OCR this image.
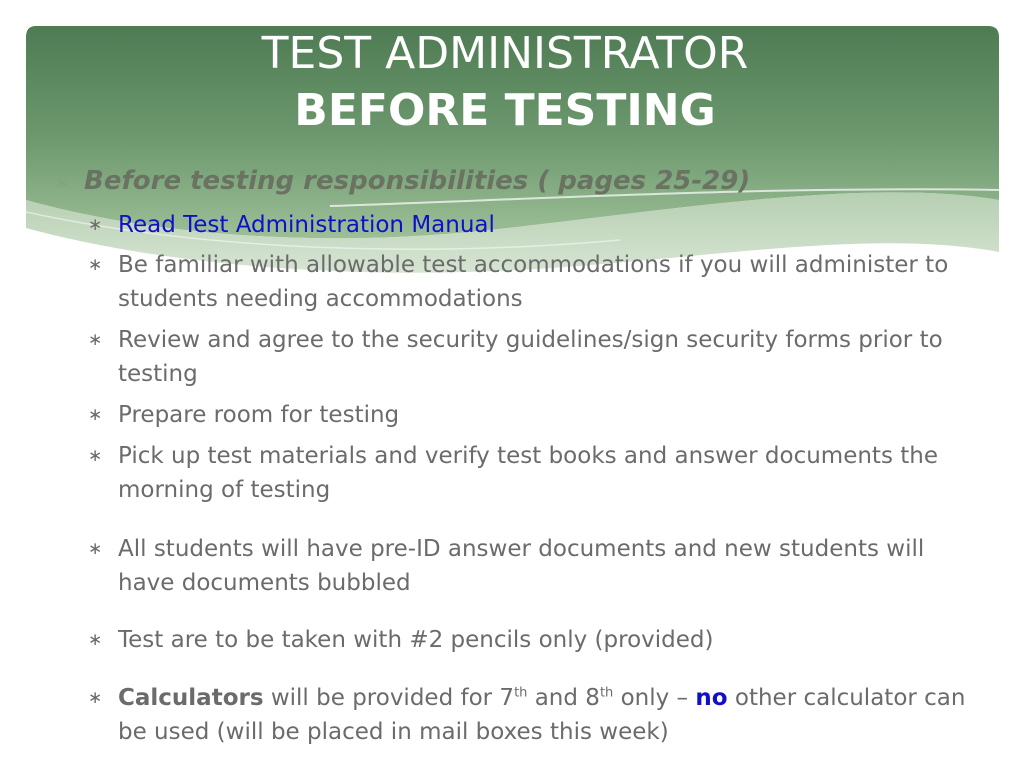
TEST ADMINISTRATOR
BEFORE TESTING
∗ Before testing responsibilities ( pages 25-29)
∗ Read Test Administration Manual
∗ Be familiar with allowable test accommodations if you will administer to students needing accommodations
∗ Review and agree to the security guidelines/sign security forms prior to testing
∗ Prepare room for testing
∗ Pick up test materials and verify test books and answer documents the morning of testing
∗ All students will have pre-ID answer documents and new students will have documents bubbled
∗ Test are to be taken with #2 pencils only (provided)
∗ Calculators will be provided for 7th and 8th only – no other calculator can be used (will be placed in mail boxes this week)
